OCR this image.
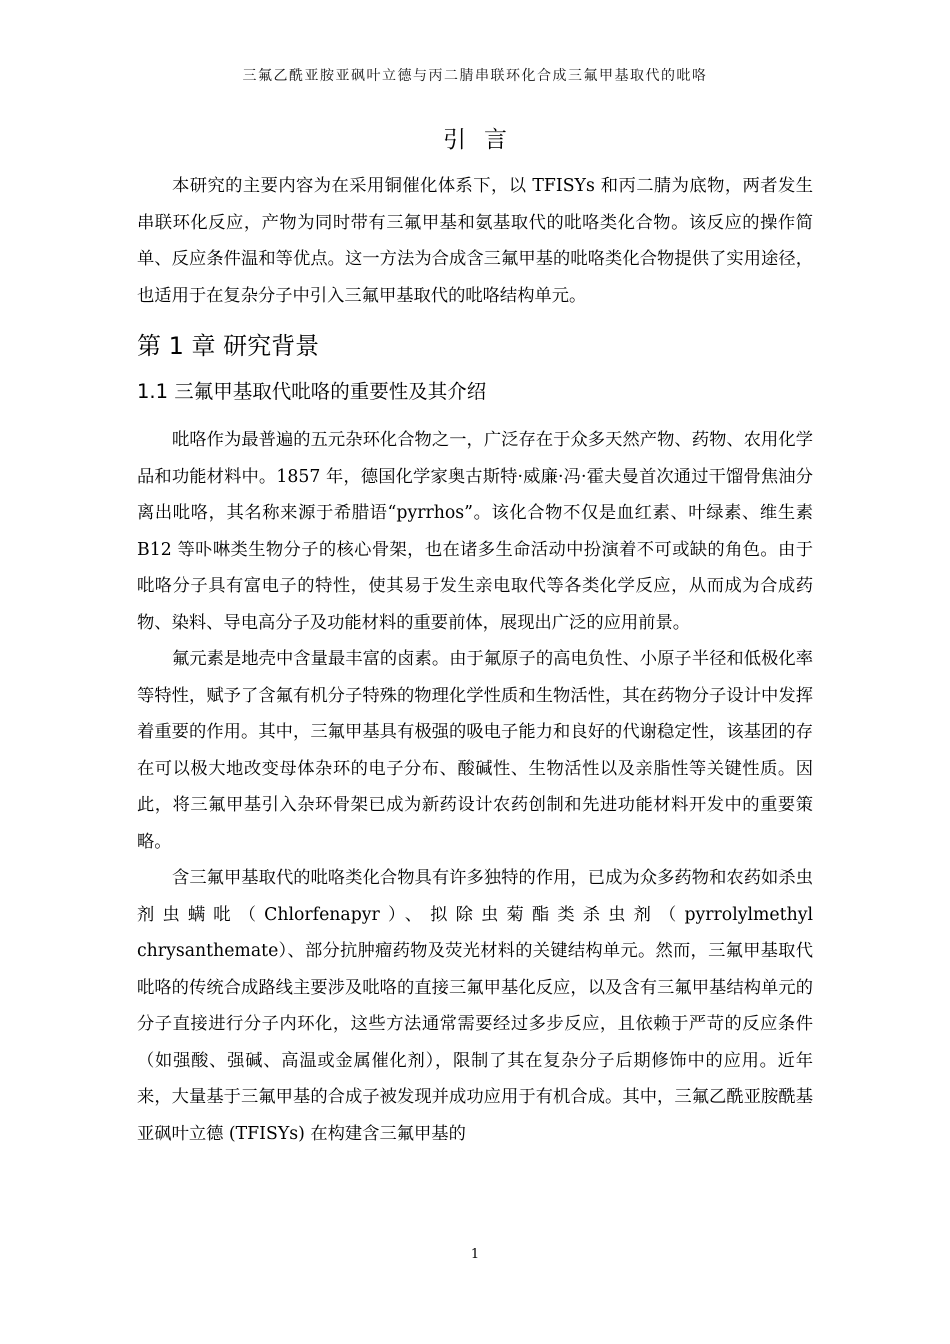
三氟乙酰亚胺亚砜叶立德与丙二腈串联环化合成三氟甲基取代的吡咯
引言

本研究的主要内容为在采用铜催化体系下，以 TFISYs 和丙二腈为底物，两者发生串联环化反应，产物为同时带有三氟甲基和氨基取代的吡咯类化合物。该反应的操作简单、反应条件温和等优点。这一方法为合成含三氟甲基的吡咯类化合物提供了实用途径，也适用于在复杂分子中引入三氟甲基取代的吡咯结构单元。

第 1 章 研究背景
1.1 三氟甲基取代吡咯的重要性及其介绍

吡咯作为最普遍的五元杂环化合物之一，广泛存在于众多天然产物、药物、农用化学品和功能材料中。1857 年，德国化学家奥古斯特·威廉·冯·霍夫曼首次通过干馏骨焦油分离出吡咯，其名称来源于希腊语“pyrrhos”。该化合物不仅是血红素、叶绿素、维生素 B12 等卟啉类生物分子的核心骨架，也在诸多生命活动中扮演着不可或缺的角色。由于吡咯分子具有富电子的特性，使其易于发生亲电取代等各类化学反应，从而成为合成药物、染料、导电高分子及功能材料的重要前体，展现出广泛的应用前景。

氟元素是地壳中含量最丰富的卤素。由于氟原子的高电负性、小原子半径和低极化率等特性，赋予了含氟有机分子特殊的物理化学性质和生物活性，其在药物分子设计中发挥着重要的作用。其中，三氟甲基具有极强的吸电子能力和良好的代谢稳定性，该基团的存在可以极大地改变母体杂环的电子分布、酸碱性、生物活性以及亲脂性等关键性质。因此，将三氟甲基引入杂环骨架已成为新药设计农药创制和先进功能材料开发中的重要策略。

含三氟甲基取代的吡咯类化合物具有许多独特的作用，已成为众多药物和农药如杀虫剂虫螨吡（Chlorfenapyr）、拟除虫菊酯类杀虫剂（pyrrolylmethyl chrysanthemate）、部分抗肿瘤药物及荧光材料的关键结构单元。然而，三氟甲基取代吡咯的传统合成路线主要涉及吡咯的直接三氟甲基化反应，以及含有三氟甲基结构单元的分子直接进行分子内环化，这些方法通常需要经过多步反应，且依赖于严苛的反应条件（如强酸、强碱、高温或金属催化剂），限制了其在复杂分子后期修饰中的应用。近年来，大量基于三氟甲基的合成子被发现并成功应用于有机合成。其中，三氟乙酰亚胺酰基亚砜叶立德 (TFISYs) 在构建含三氟甲基的

1
